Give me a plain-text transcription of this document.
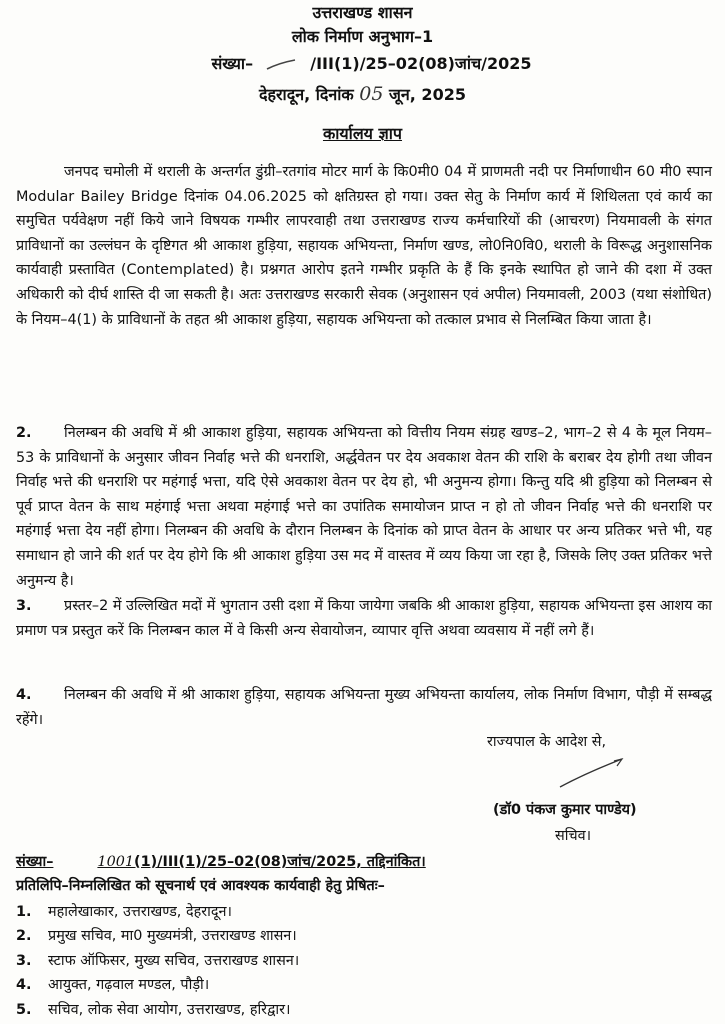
उत्तराखण्ड शासन
लोक निर्माण अनुभाग–1
संख्या–	/III(1)/25–02(08)जांच/2025
देहरादून, दिनांक 05 जून, 2025
कार्यालय ज्ञाप
जनपद चमोली में थराली के अन्तर्गत डुंग्री–रतगांव मोटर मार्ग के कि0मी0 04 में प्राणमती नदी पर निर्माणाधीन 60 मी0 स्पान Modular Bailey Bridge दिनांक 04.06.2025 को क्षतिग्रस्त हो गया। उक्त सेतु के निर्माण कार्य में शिथिलता एवं कार्य का समुचित पर्यवेक्षण नहीं किये जाने विषयक गम्भीर लापरवाही तथा उत्तराखण्ड राज्य कर्मचारियों की (आचरण) नियमावली के संगत प्राविधानों का उल्लंघन के दृष्टिगत श्री आकाश हुड़िया, सहायक अभियन्ता, निर्माण खण्ड, लो0नि0वि0, थराली के विरूद्ध अनुशासनिक कार्यवाही प्रस्तावित (Contemplated) है। प्रश्नगत आरोप इतने गम्भीर प्रकृति के हैं कि इनके स्थापित हो जाने की दशा में उक्त अधिकारी को दीर्घ शास्ति दी जा सकती है। अतः उत्तराखण्ड सरकारी सेवक (अनुशासन एवं अपील) नियमावली, 2003 (यथा संशोधित) के नियम–4(1) के प्राविधानों के तहत श्री आकाश हुड़िया, सहायक अभियन्ता को तत्काल प्रभाव से निलम्बित किया जाता है।
2. निलम्बन की अवधि में श्री आकाश हुड़िया, सहायक अभियन्ता को वित्तीय नियम संग्रह खण्ड–2, भाग–2 से 4 के मूल नियम–53 के प्राविधानों के अनुसार जीवन निर्वाह भत्ते की धनराशि, अर्द्धवेतन पर देय अवकाश वेतन की राशि के बराबर देय होगी तथा जीवन निर्वाह भत्ते की धनराशि पर महंगाई भत्ता, यदि ऐसे अवकाश वेतन पर देय हो, भी अनुमन्य होगा। किन्तु यदि श्री हुड़िया को निलम्बन से पूर्व प्राप्त वेतन के साथ महंगाई भत्ता अथवा महंगाई भत्ते का उपांतिक समायोजन प्राप्त न हो तो जीवन निर्वाह भत्ते की धनराशि पर महंगाई भत्ता देय नहीं होगा। निलम्बन की अवधि के दौरान निलम्बन के दिनांक को प्राप्त वेतन के आधार पर अन्य प्रतिकर भत्ते भी, यह समाधान हो जाने की शर्त पर देय होगे कि श्री आकाश हुड़िया उस मद में वास्तव में व्यय किया जा रहा है, जिसके लिए उक्त प्रतिकर भत्ते अनुमन्य है।
3. प्रस्तर–2 में उल्लिखित मदों में भुगतान उसी दशा में किया जायेगा जबकि श्री आकाश हुड़िया, सहायक अभियन्ता इस आशय का प्रमाण पत्र प्रस्तुत करें कि निलम्बन काल में वे किसी अन्य सेवायोजन, व्यापार वृत्ति अथवा व्यवसाय में नहीं लगे हैं।
4. निलम्बन की अवधि में श्री आकाश हुड़िया, सहायक अभियन्ता मुख्य अभियन्ता कार्यालय, लोक निर्माण विभाग, पौड़ी में सम्बद्ध रहेंगे।
राज्यपाल के आदेश से,
(डॉ0 पंकज कुमार पाण्डेय)
सचिव।
संख्या–	1001(1)/III(1)/25–02(08)जांच/2025, तद्दिनांकित।
प्रतिलिपि–निम्नलिखित को सूचनार्थ एवं आवश्यक कार्यवाही हेतु प्रेषितः–
1. महालेखाकार, उत्तराखण्ड, देहरादून।
2. प्रमुख सचिव, मा0 मुख्यमंत्री, उत्तराखण्ड शासन।
3. स्टाफ ऑफिसर, मुख्य सचिव, उत्तराखण्ड शासन।
4. आयुक्त, गढ़वाल मण्डल, पौड़ी।
5. सचिव, लोक सेवा आयोग, उत्तराखण्ड, हरिद्वार।
